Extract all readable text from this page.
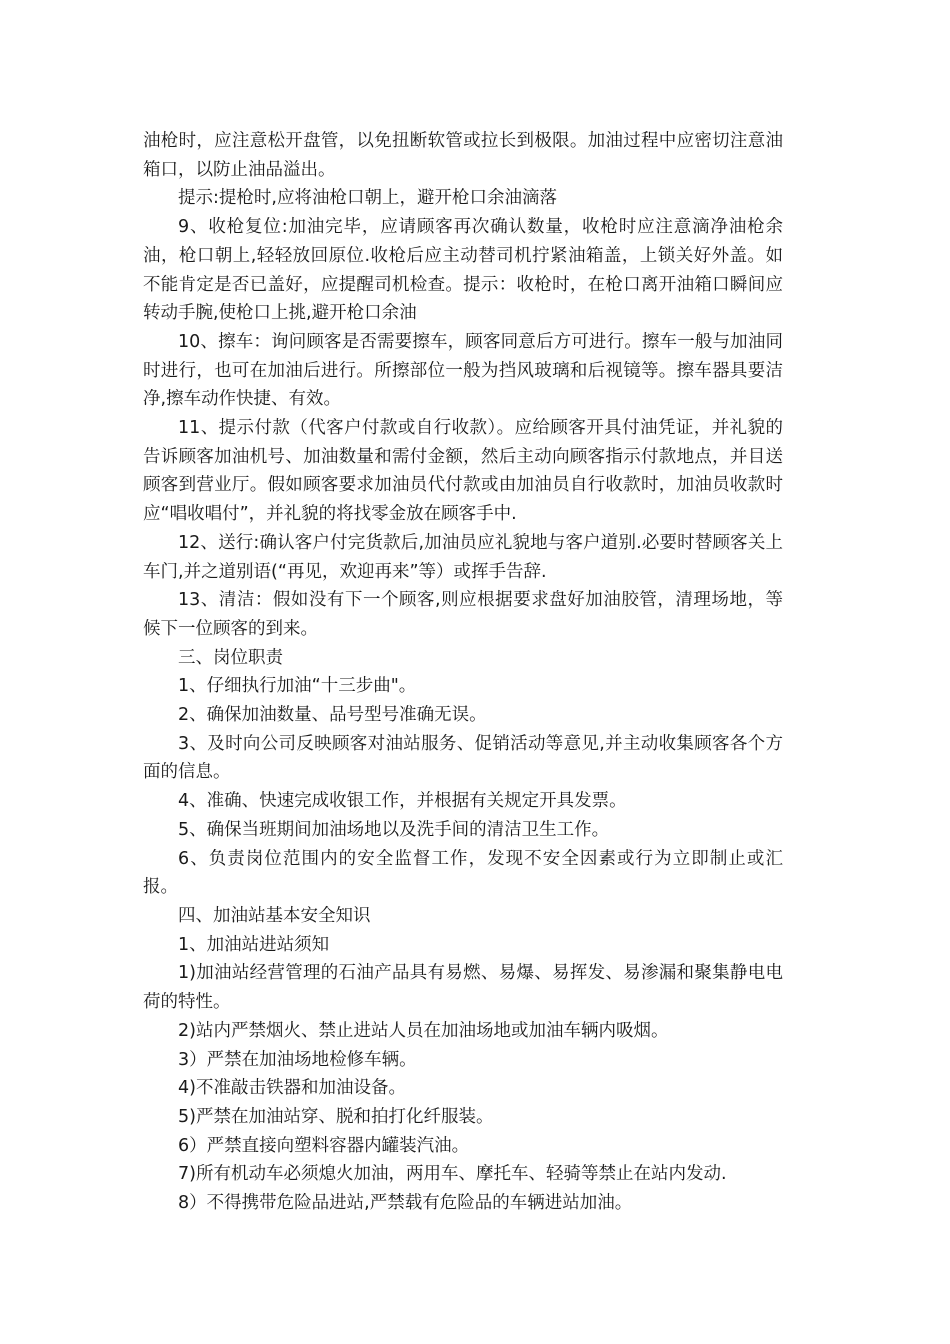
油枪时，应注意松开盘管，以免扭断软管或拉长到极限。加油过程中应密切注意油箱口，以防止油品溢出。

提示:提枪时,应将油枪口朝上，避开枪口余油滴落

9、收枪复位:加油完毕，应请顾客再次确认数量，收枪时应注意滴净油枪余油，枪口朝上,轻轻放回原位.收枪后应主动替司机拧紧油箱盖，上锁关好外盖。如不能肯定是否已盖好，应提醒司机检查。提示：收枪时，在枪口离开油箱口瞬间应转动手腕,使枪口上挑,避开枪口余油

10、擦车：询问顾客是否需要擦车，顾客同意后方可进行。擦车一般与加油同时进行，也可在加油后进行。所擦部位一般为挡风玻璃和后视镜等。擦车器具要洁净,擦车动作快捷、有效。

11、提示付款（代客户付款或自行收款）。应给顾客开具付油凭证，并礼貌的告诉顾客加油机号、加油数量和需付金额，然后主动向顾客指示付款地点，并目送顾客到营业厅。假如顾客要求加油员代付款或由加油员自行收款时，加油员收款时应“唱收唱付”，并礼貌的将找零金放在顾客手中.

12、送行:确认客户付完货款后,加油员应礼貌地与客户道别.必要时替顾客关上车门,并之道别语(“再见，欢迎再来”等）或挥手告辞.

13、清洁：假如没有下一个顾客,则应根据要求盘好加油胶管，清理场地，等候下一位顾客的到来。

三、岗位职责

1、仔细执行加油“十三步曲"。

2、确保加油数量、品号型号准确无误。

3、及时向公司反映顾客对油站服务、促销活动等意见,并主动收集顾客各个方面的信息。

4、准确、快速完成收银工作，并根据有关规定开具发票。

5、确保当班期间加油场地以及洗手间的清洁卫生工作。

6、负责岗位范围内的安全监督工作，发现不安全因素或行为立即制止或汇报。

四、加油站基本安全知识

1、加油站进站须知

1)加油站经营管理的石油产品具有易燃、易爆、易挥发、易渗漏和聚集静电电荷的特性。

2)站内严禁烟火、禁止进站人员在加油场地或加油车辆内吸烟。

3）严禁在加油场地检修车辆。

4)不准敲击铁器和加油设备。

5)严禁在加油站穿、脱和拍打化纤服装。

6）严禁直接向塑料容器内罐装汽油。

7)所有机动车必须熄火加油，两用车、摩托车、轻骑等禁止在站内发动.

8）不得携带危险品进站,严禁载有危险品的车辆进站加油。
